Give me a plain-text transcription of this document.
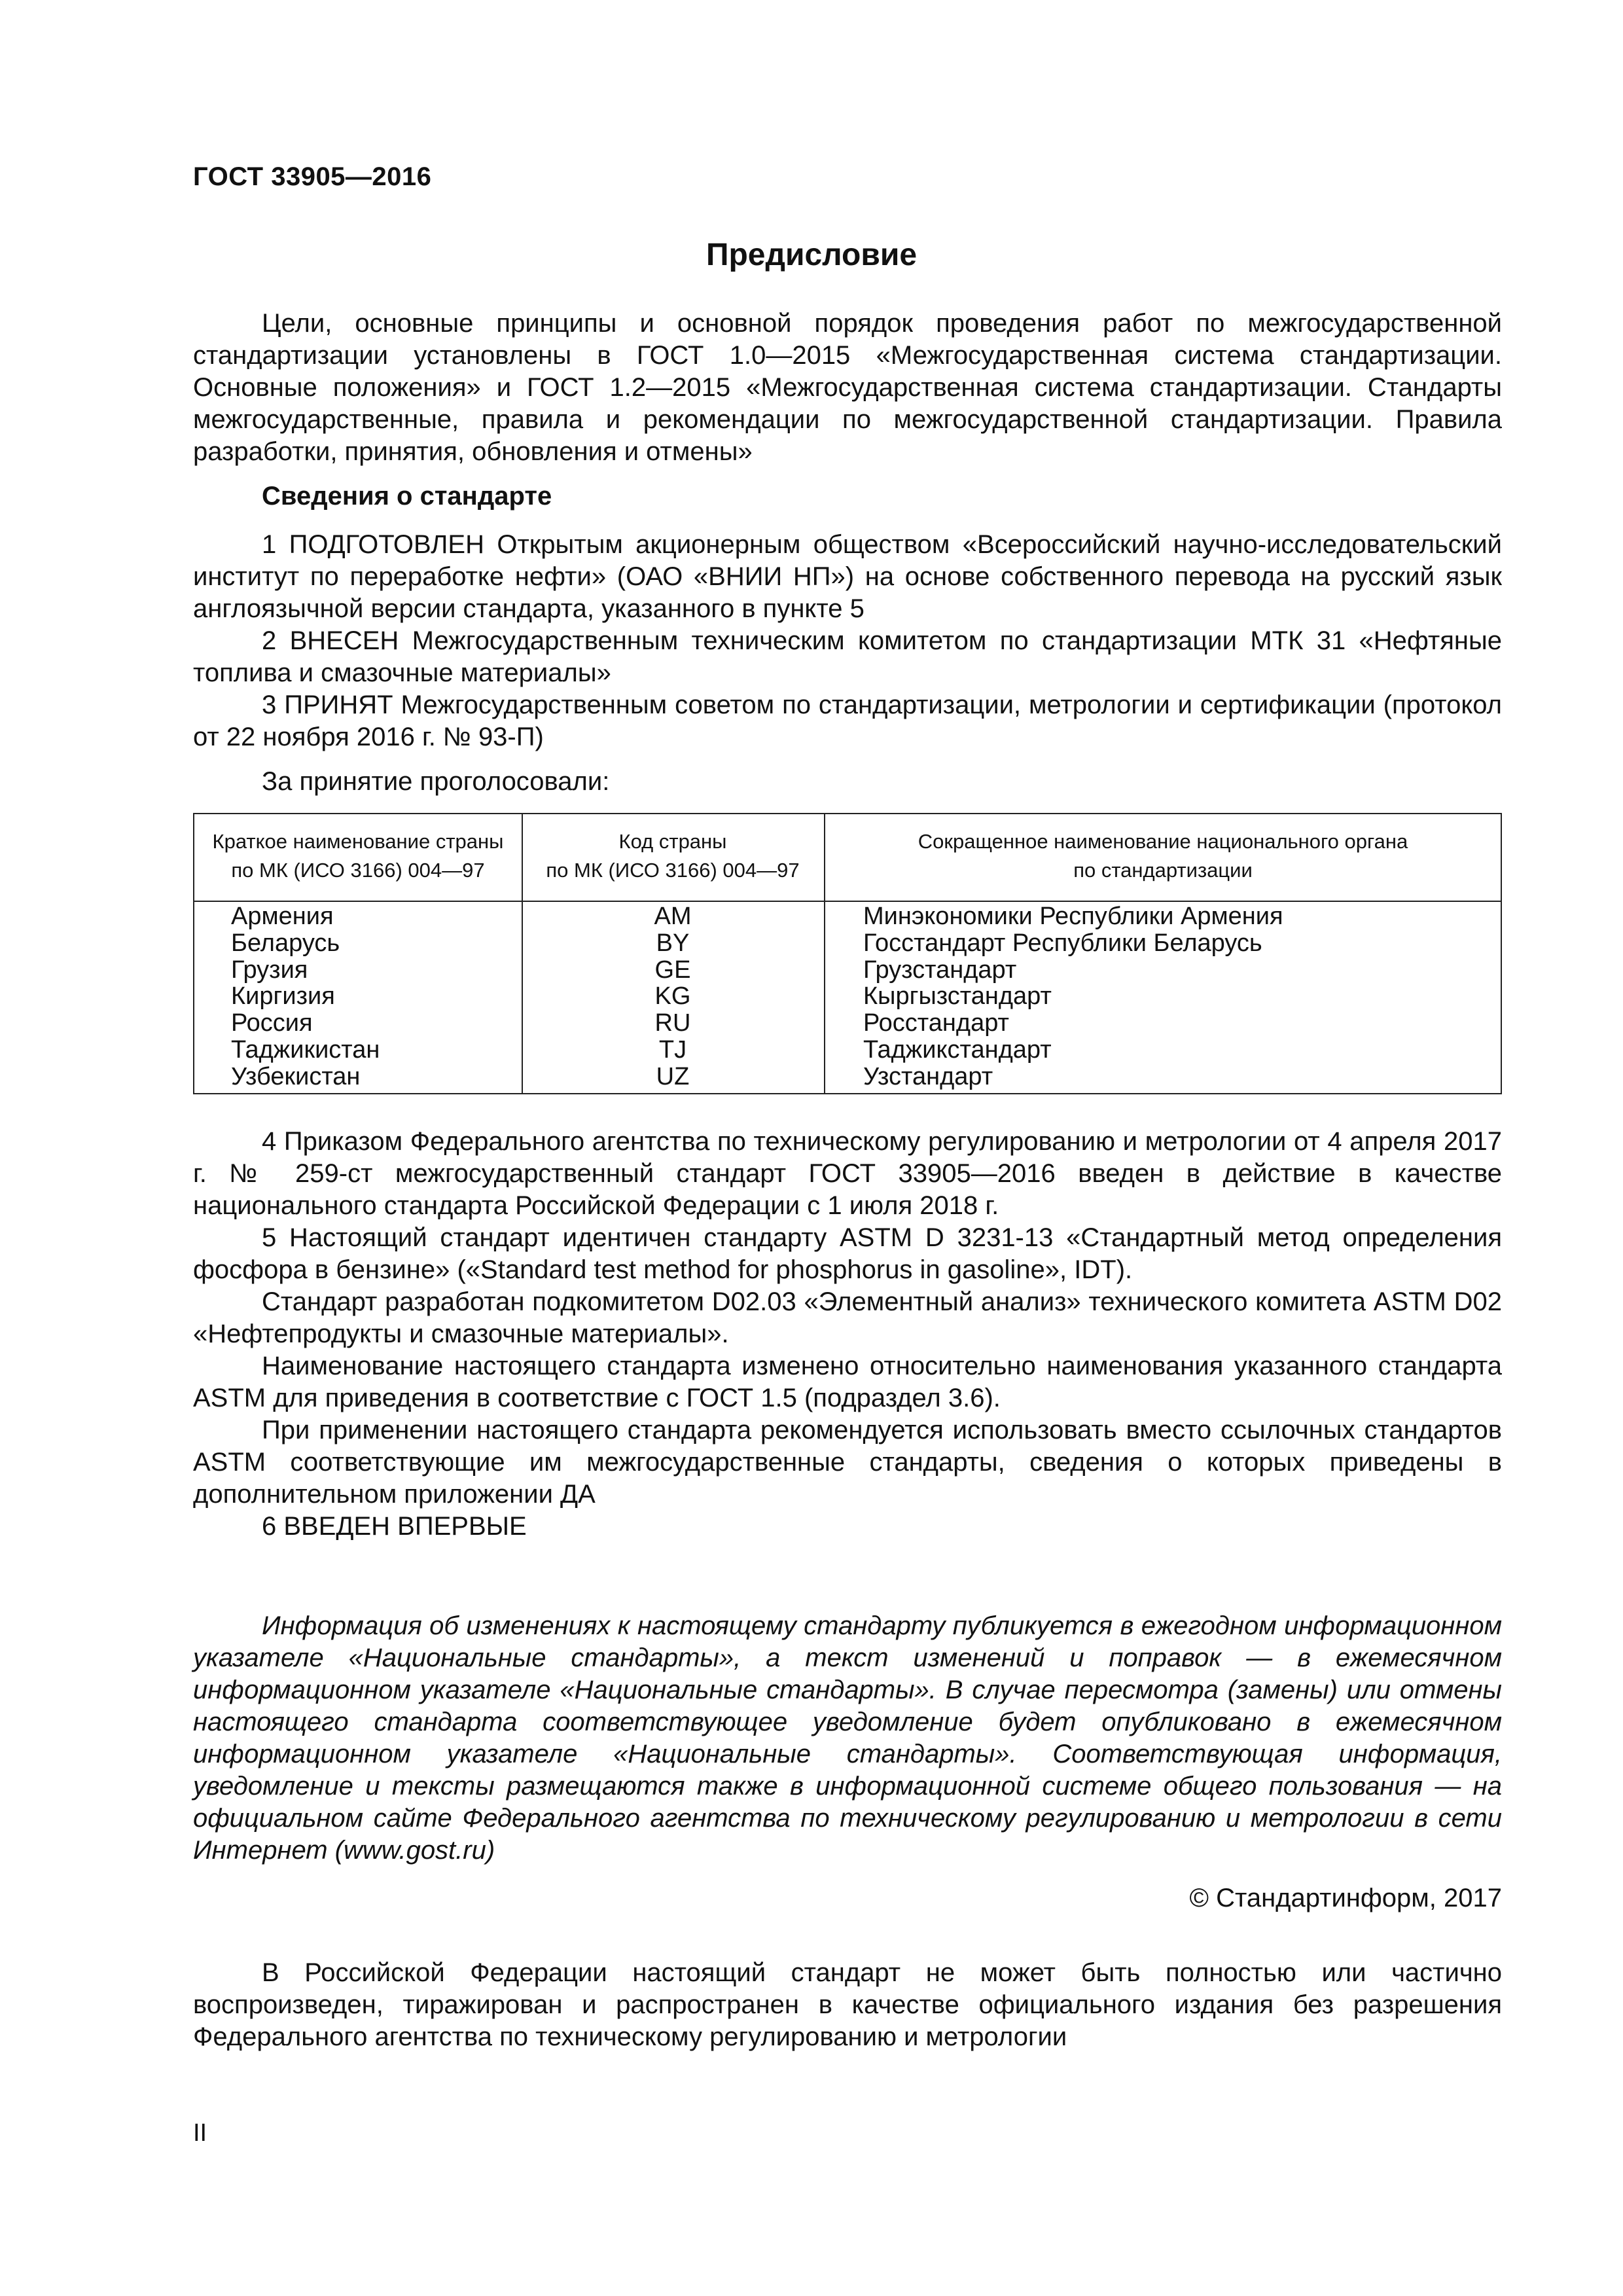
ГОСТ 33905—2016
Предисловие

Цели, основные принципы и основной порядок проведения работ по межгосударственной стандартизации установлены в ГОСТ 1.0—2015 «Межгосударственная система стандартизации. Основные положения» и ГОСТ 1.2—2015 «Межгосударственная система стандартизации. Стандарты межгосударственные, правила и рекомендации по межгосударственной стандартизации. Правила разработки, принятия, обновления и отмены»

Сведения о стандарте

1 ПОДГОТОВЛЕН Открытым акционерным обществом «Всероссийский научно-исследовательский институт по переработке нефти» (ОАО «ВНИИ НП») на основе собственного перевода на русский язык англоязычной версии стандарта, указанного в пункте 5

2 ВНЕСЕН Межгосударственным техническим комитетом по стандартизации МТК 31 «Нефтяные топлива и смазочные материалы»

3 ПРИНЯТ Межгосударственным советом по стандартизации, метрологии и сертификации (протокол от 22 ноября 2016 г. № 93-П)

За принятие проголосовали:

Краткое наименование страны
по МК (ИСО 3166) 004—97
Код страны
по МК (ИСО 3166) 004—97
Сокращенное наименование национального органа
по стандартизации
Армения
Беларусь
Грузия
Киргизия
Россия
Таджикистан
Узбекистан
AM
BY
GE
KG
RU
TJ
UZ
Минэкономики Республики Армения
Госстандарт Республики Беларусь
Грузстандарт
Кыргызстандарт
Росстандарт
Таджикстандарт
Узстандарт

4 Приказом Федерального агентства по техническому регулированию и метрологии от 4 апреля 2017 г. № 259-ст межгосударственный стандарт ГОСТ 33905—2016 введен в действие в качестве национального стандарта Российской Федерации с 1 июля 2018 г.

5 Настоящий стандарт идентичен стандарту ASTM D 3231-13 «Стандартный метод определения фосфора в бензине» («Standard test method for phosphorus in gasoline», IDT).

Стандарт разработан подкомитетом D02.03 «Элементный анализ» технического комитета ASTM D02 «Нефтепродукты и смазочные материалы».

Наименование настоящего стандарта изменено относительно наименования указанного стандарта ASTM для приведения в соответствие с ГОСТ 1.5 (подраздел 3.6).

При применении настоящего стандарта рекомендуется использовать вместо ссылочных стандартов ASTM соответствующие им межгосударственные стандарты, сведения о которых приведены в дополнительном приложении ДА

6 ВВЕДЕН ВПЕРВЫЕ

Информация об изменениях к настоящему стандарту публикуется в ежегодном информационном указателе «Национальные стандарты», а текст изменений и поправок — в ежемесячном информационном указателе «Национальные стандарты». В случае пересмотра (замены) или отмены настоящего стандарта соответствующее уведомление будет опубликовано в ежемесячном информационном указателе «Национальные стандарты». Соответствующая информация, уведомление и тексты размещаются также в информационной системе общего пользования — на официальном сайте Федерального агентства по техническому регулированию и метрологии в сети Интернет (www.gost.ru)

© Стандартинформ, 2017

В Российской Федерации настоящий стандарт не может быть полностью или частично воспроизведен, тиражирован и распространен в качестве официального издания без разрешения Федерального агентства по техническому регулированию и метрологии

II
